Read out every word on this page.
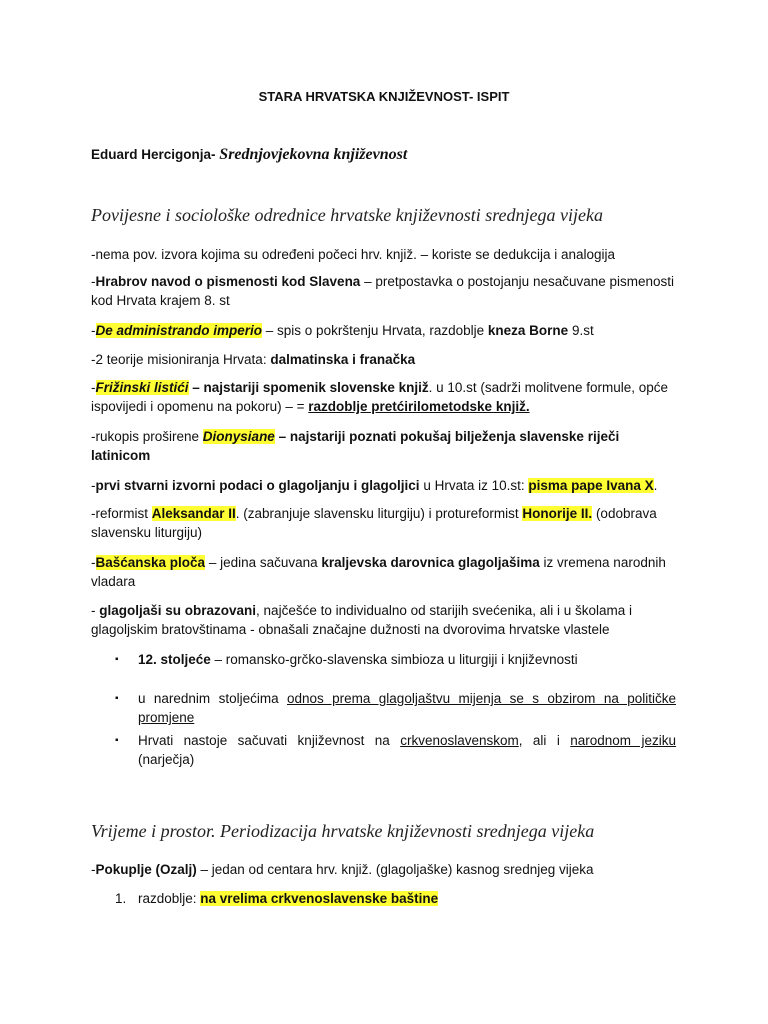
STARA HRVATSKA KNJIŽEVNOST- ISPIT
Eduard Hercigonja- Srednjovjekovna književnost
Povijesne i sociološke odrednice hrvatske književnosti srednjega vijeka
-nema pov. izvora kojima su određeni počeci hrv. knjiž. – koriste se dedukcija i analogija
-Hrabrov navod o pismenosti kod Slavena – pretpostavka o postojanju nesačuvane pismenosti kod Hrvata krajem 8. st
-De administrando imperio – spis o pokrštenju Hrvata, razdoblje kneza Borne 9.st
-2 teorije misioniranja Hrvata: dalmatinska i franačka
-Frižinski listići – najstariji spomenik slovenske knjiž. u 10.st (sadrži molitvene formule, opće ispovijedi i opomenu na pokoru) – = razdoblje pretćirilometodske knjiž.
-rukopis proširene Dionysiane – najstariji poznati pokušaj bilježenja slavenske riječi latinicom
-prvi stvarni izvorni podaci o glagoljanju i glagoljici u Hrvata iz 10.st: pisma pape Ivana X.
-reformist Aleksandar II. (zabranjuje slavensku liturgiju) i protureformist Honorije II. (odobrava slavensku liturgiju)
-Bašćanska ploča – jedina sačuvana kraljevska darovnica glagoljašima iz vremena narodnih vladara
- glagoljaši su obrazovani, najčešće to individualno od starijih svećenika, ali i u školama i glagoljskim bratovštinama - obnašali značajne dužnosti na dvorovima hrvatske vlastele
▪	12. stoljeće – romansko-grčko-slavenska simbioza u liturgiji i književnosti
▪	u narednim stoljećima odnos prema glagoljaštvu mijenja se s obzirom na političke promjene
▪	Hrvati nastoje sačuvati književnost na crkvenoslavenskom, ali i narodnom jeziku (narječja)
Vrijeme i prostor. Periodizacija hrvatske književnosti srednjega vijeka
-Pokuplje (Ozalj) – jedan od centara hrv. knjiž. (glagoljaške) kasnog srednjeg vijeka
1. razdoblje: na vrelima crkvenoslavenske baštine
